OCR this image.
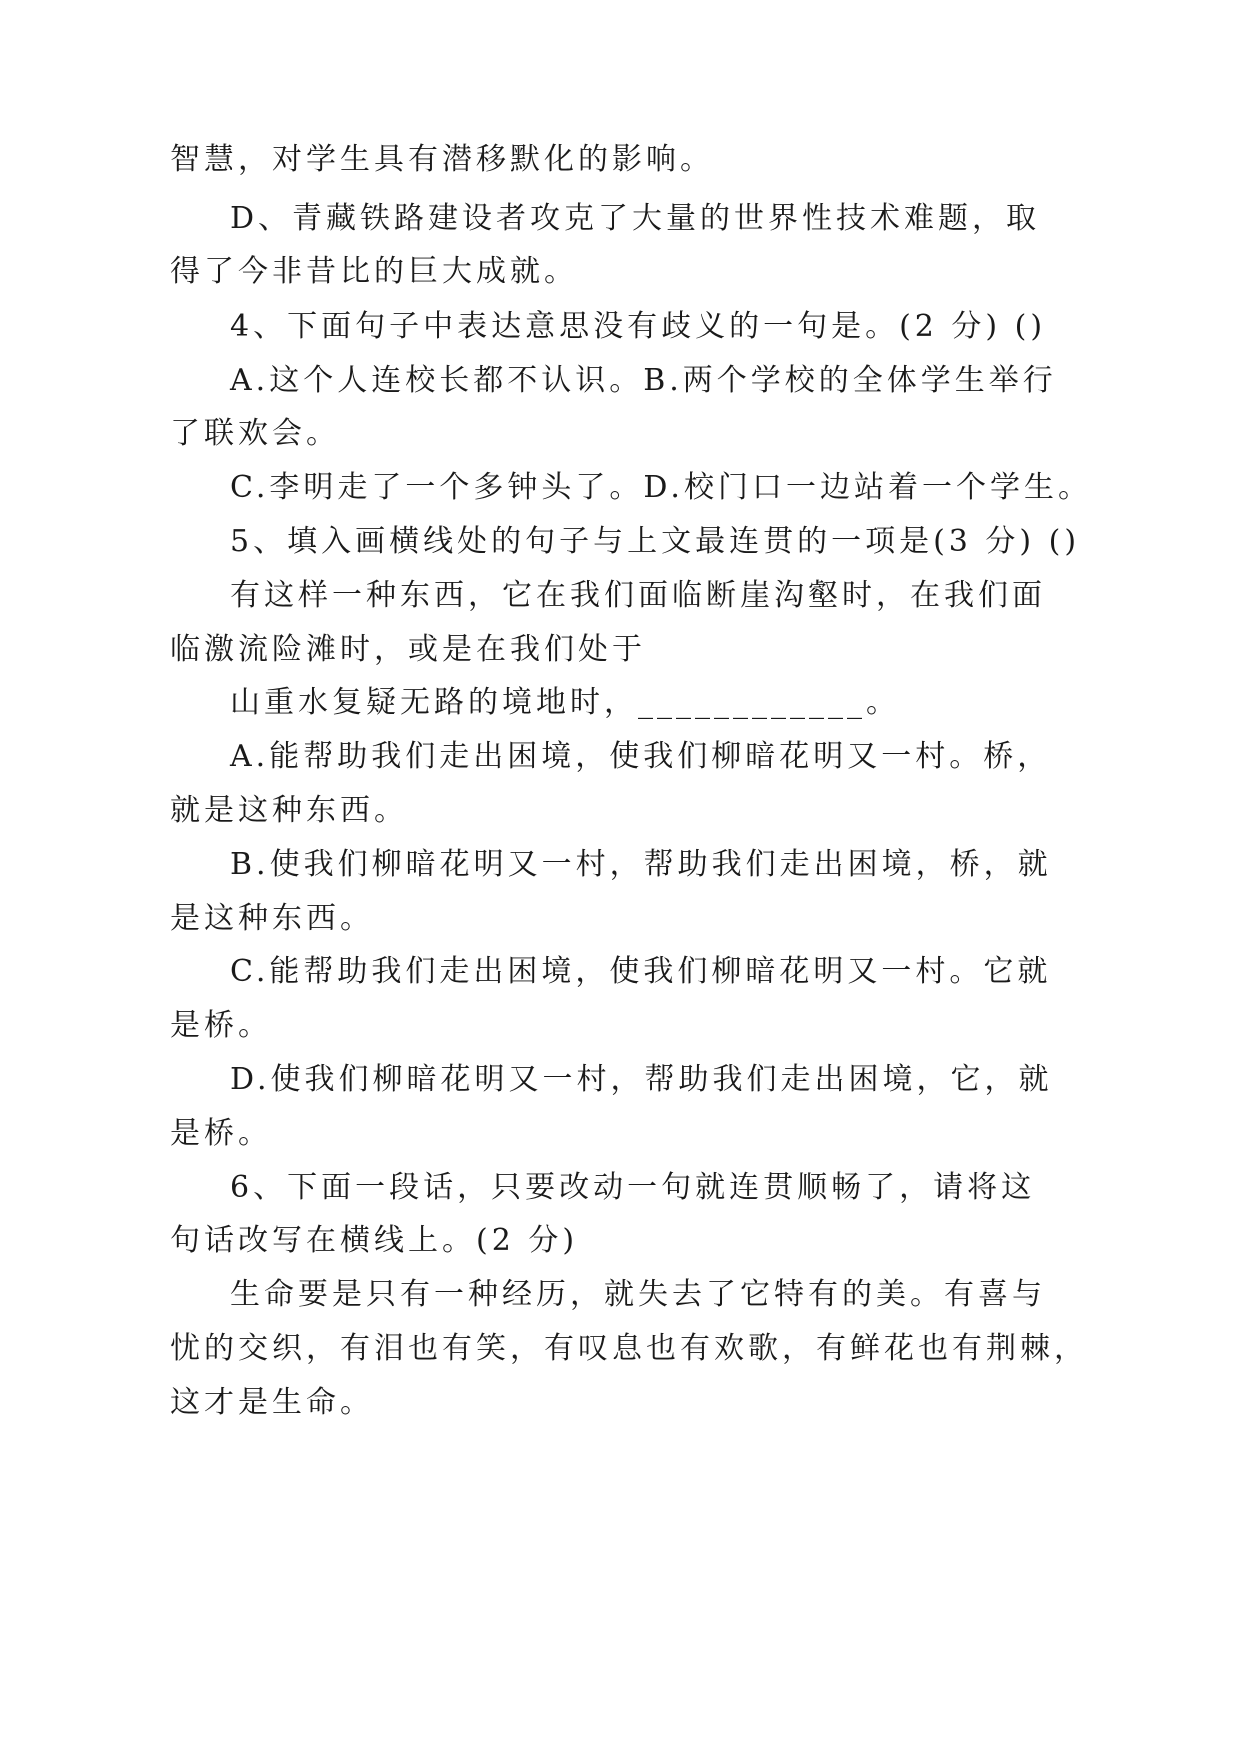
智慧，对学生具有潜移默化的影响。
D、青藏铁路建设者攻克了大量的世界性技术难题，取
得了今非昔比的巨大成就。
4、下面句子中表达意思没有歧义的一句是。(2 分) ()
A.这个人连校长都不认识。B.两个学校的全体学生举行
了联欢会。
C.李明走了一个多钟头了。D.校门口一边站着一个学生。
5、填入画横线处的句子与上文最连贯的一项是(3 分) ()
有这样一种东西，它在我们面临断崖沟壑时，在我们面
临激流险滩时，或是在我们处于
山重水复疑无路的境地时，____________。
A.能帮助我们走出困境，使我们柳暗花明又一村。桥，
就是这种东西。
B.使我们柳暗花明又一村，帮助我们走出困境，桥，就
是这种东西。
C.能帮助我们走出困境，使我们柳暗花明又一村。它就
是桥。
D.使我们柳暗花明又一村，帮助我们走出困境，它，就
是桥。
6、下面一段话，只要改动一句就连贯顺畅了，请将这
句话改写在横线上。(2 分)
生命要是只有一种经历，就失去了它特有的美。有喜与
忧的交织，有泪也有笑，有叹息也有欢歌，有鲜花也有荆棘，
这才是生命。
